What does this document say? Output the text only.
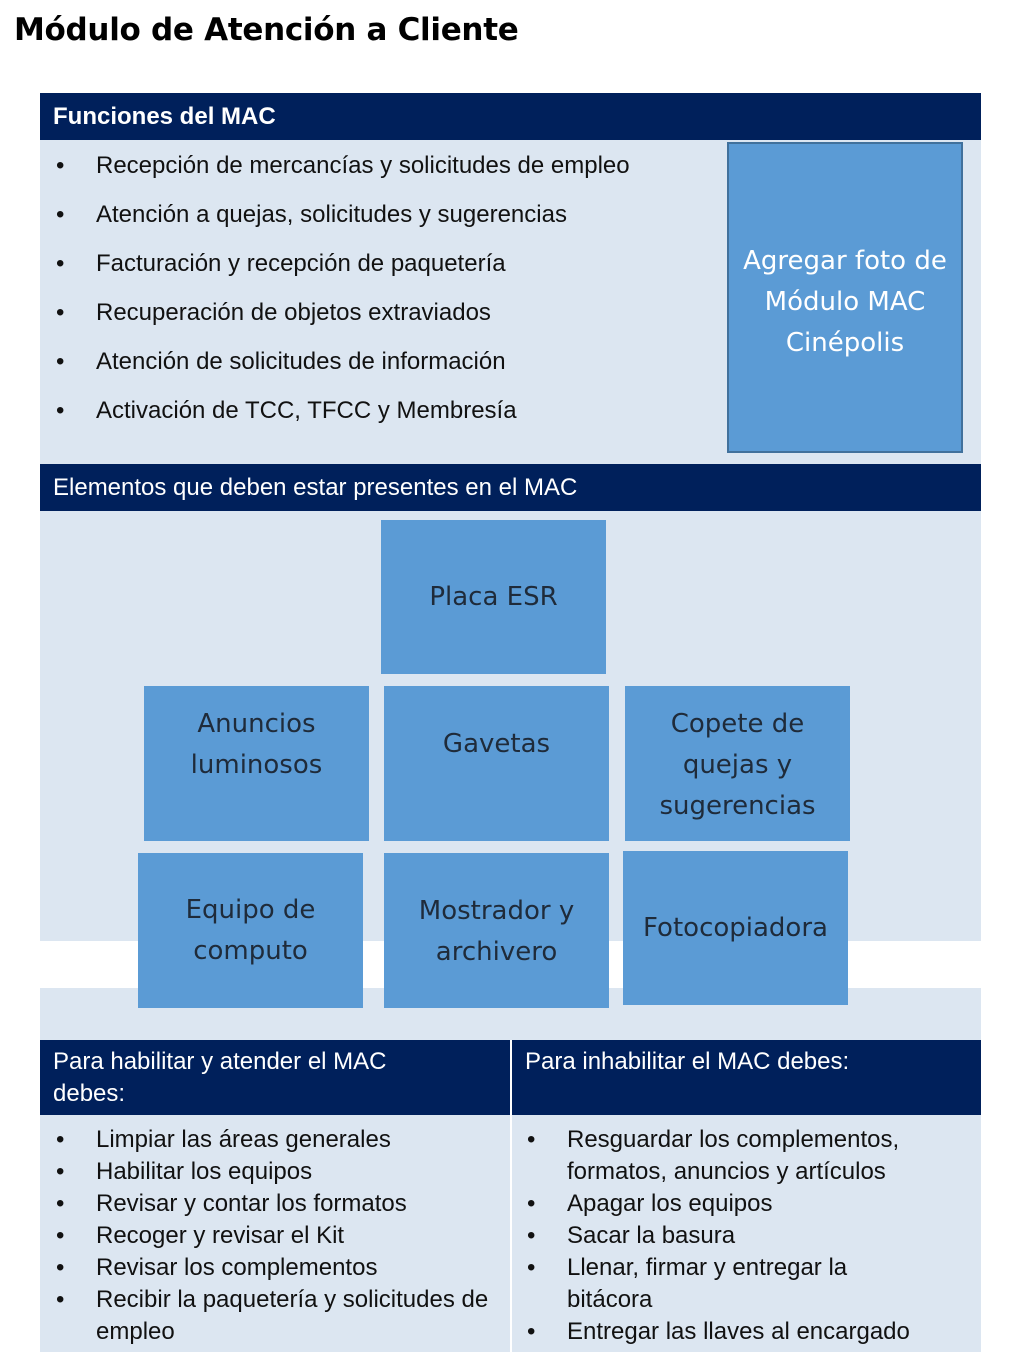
Módulo de Atención a Cliente
Funciones del MAC
• Recepción de mercancías y solicitudes de empleo
• Atención a quejas, solicitudes y sugerencias
• Facturación y recepción de paquetería
• Recuperación de objetos extraviados
• Atención de solicitudes de información
• Activación de TCC, TFCC y Membresía
Agregar foto de Módulo MAC Cinépolis
Elementos que deben estar presentes en el MAC
Placa ESR
Anuncios luminosos
Gavetas
Copete de quejas y sugerencias
Equipo de computo
Mostrador y archivero
Fotocopiadora
Para habilitar y atender el MAC debes:
Para inhabilitar el MAC debes:
• Limpiar las áreas generales
• Habilitar los equipos
• Revisar y contar los formatos
• Recoger y revisar el Kit
• Revisar los complementos
• Recibir la paquetería y solicitudes de empleo
• Resguardar los complementos, formatos, anuncios y artículos
• Apagar los equipos
• Sacar la basura
• Llenar, firmar y entregar la bitácora
• Entregar las llaves al encargado
